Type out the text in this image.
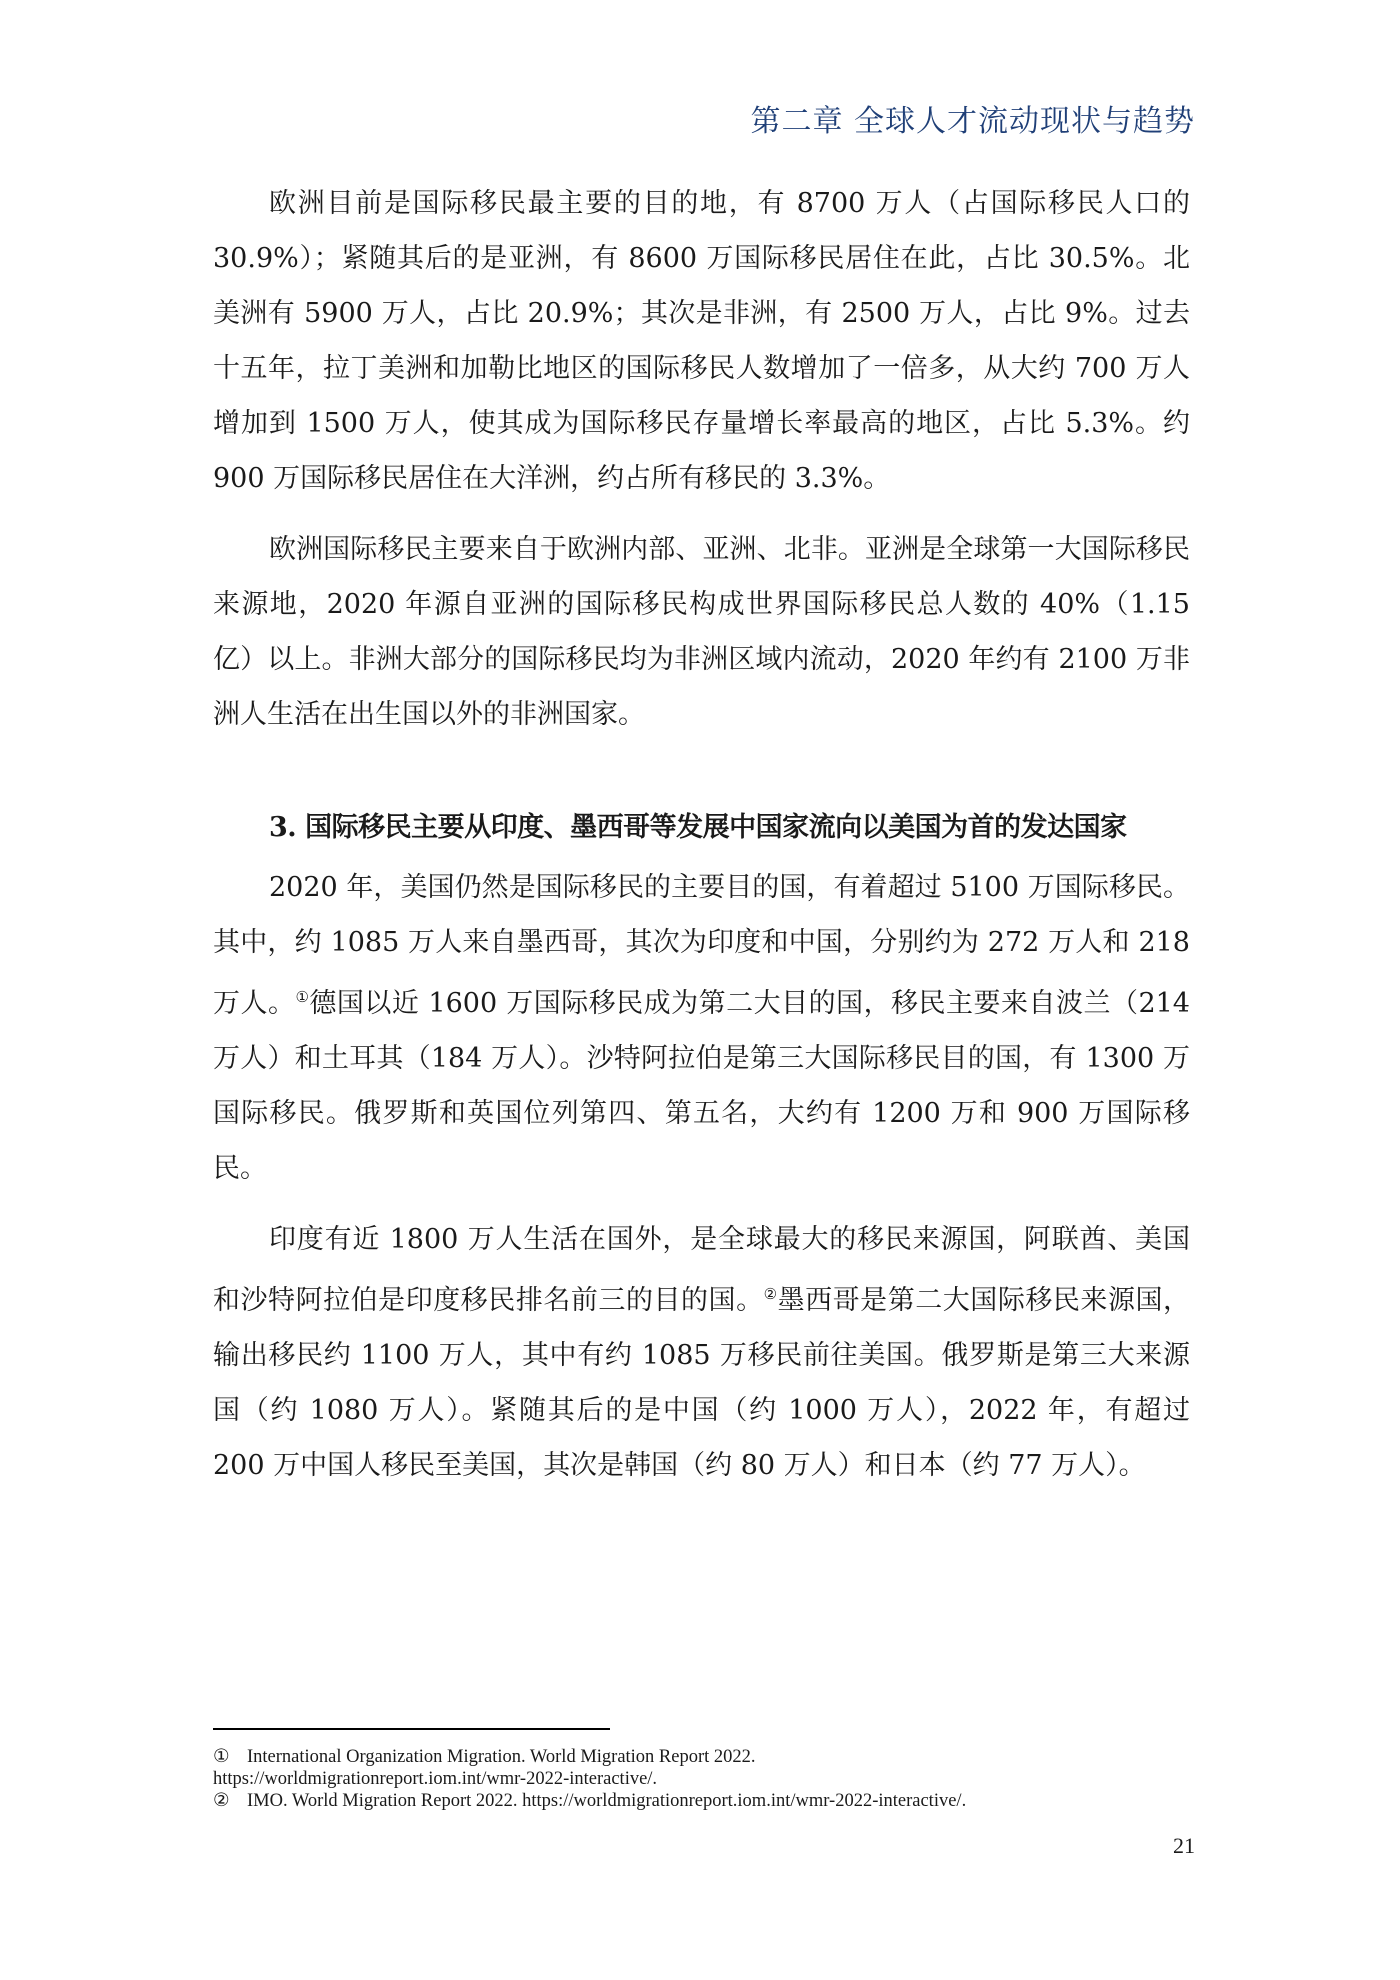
第二章 全球人才流动现状与趋势

欧洲目前是国际移民最主要的目的地，有 8700 万人（占国际移民人口的 30.9%）；紧随其后的是亚洲，有 8600 万国际移民居住在此，占比 30.5%。北美洲有 5900 万人，占比 20.9%；其次是非洲，有 2500 万人，占比 9%。过去十五年，拉丁美洲和加勒比地区的国际移民人数增加了一倍多，从大约 700 万人增加到 1500 万人，使其成为国际移民存量增长率最高的地区，占比 5.3%。约 900 万国际移民居住在大洋洲，约占所有移民的 3.3%。

欧洲国际移民主要来自于欧洲内部、亚洲、北非。亚洲是全球第一大国际移民来源地，2020 年源自亚洲的国际移民构成世界国际移民总人数的 40%（1.15 亿）以上。非洲大部分的国际移民均为非洲区域内流动，2020 年约有 2100 万非洲人生活在出生国以外的非洲国家。

3. 国际移民主要从印度、墨西哥等发展中国家流向以美国为首的发达国家

2020 年，美国仍然是国际移民的主要目的国，有着超过 5100 万国际移民。其中，约 1085 万人来自墨西哥，其次为印度和中国，分别约为 272 万人和 218 万人。①德国以近 1600 万国际移民成为第二大目的国，移民主要来自波兰（214 万人）和土耳其（184 万人）。沙特阿拉伯是第三大国际移民目的国，有 1300 万国际移民。俄罗斯和英国位列第四、第五名，大约有 1200 万和 900 万国际移民。

印度有近 1800 万人生活在国外，是全球最大的移民来源国，阿联酋、美国和沙特阿拉伯是印度移民排名前三的目的国。②墨西哥是第二大国际移民来源国，输出移民约 1100 万人，其中有约 1085 万移民前往美国。俄罗斯是第三大来源国（约 1080 万人）。紧随其后的是中国（约 1000 万人），2022 年，有超过 200 万中国人移民至美国，其次是韩国（约 80 万人）和日本（约 77 万人）。

① International Organization Migration. World Migration Report 2022.
https://worldmigrationreport.iom.int/wmr-2022-interactive/.

② IMO. World Migration Report 2022. https://worldmigrationreport.iom.int/wmr-2022-interactive/.

21
